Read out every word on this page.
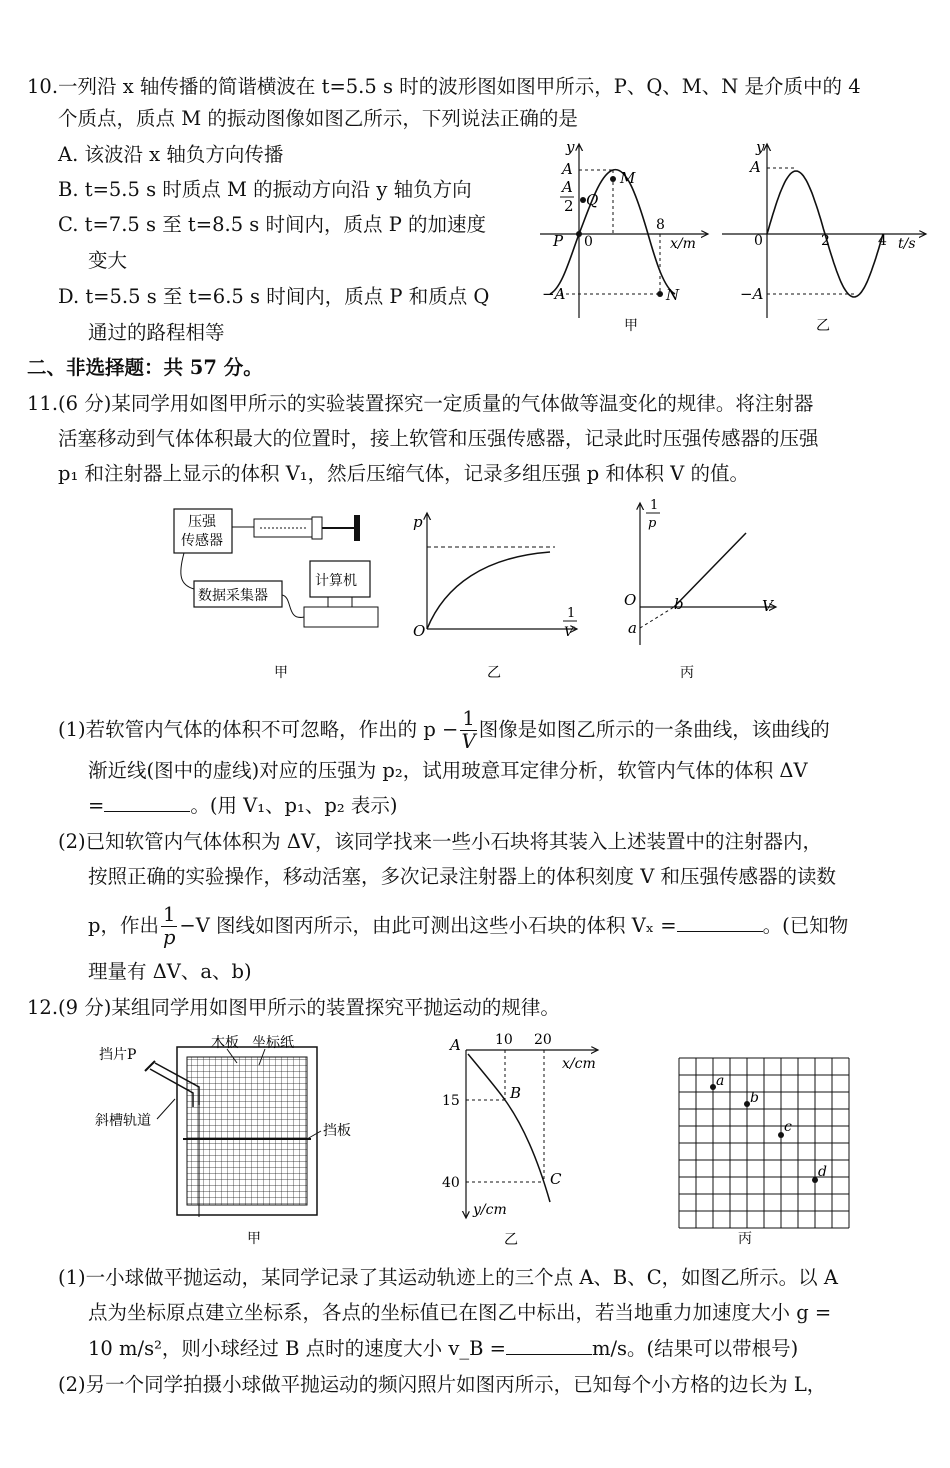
10.一列沿 x 轴传播的简谐横波在 t=5.5 s 时的波形图如图甲所示，P、Q、M、N 是介质中的 4
个质点，质点 M 的振动图像如图乙所示，下列说法正确的是
A. 该波沿 x 轴负方向传播
B. t=5.5 s 时质点 M 的振动方向沿 y 轴负方向
C. t=7.5 s 至 t=8.5 s 时间内，质点 P 的加速度
变大
D. t=5.5 s 至 t=6.5 s 时间内，质点 P 和质点 Q
通过的路程相等
y
A
A
2 Q
M
P 0
8
x/m
−A	N
甲
y
A
0	2	4 t/s
−A
乙
二、非选择题：共 57 分。
11.(6 分)某同学用如图甲所示的实验装置探究一定质量的气体做等温变化的规律。将注射器
活塞移动到气体体积最大的位置时，接上软管和压强传感器，记录此时压强传感器的压强
p₁ 和注射器上显示的体积 V₁，然后压缩气体，记录多组压强 p 和体积 V 的值。
压强
传感器
数据采集器
计算机
甲
p
O
1
V
乙
1
p
O
a
b	V
丙
(1)若软管内气体的体积不可忽略，作出的 $p - \frac{1}{V}$ 图像是如图乙所示的一条曲线，该曲线的
渐近线(图中的虚线)对应的压强为 p₂，试用玻意耳定律分析，软管内气体的体积 ΔV
=	。(用 V₁、p₁、p₂ 表示)
(2)已知软管内气体体积为 ΔV，该同学找来一些小石块将其装入上述装置中的注射器内，
按照正确的实验操作，移动活塞，多次记录注射器上的体积刻度 V 和压强传感器的读数
p，作出 $\frac{1}{p} -V$ 图线如图丙所示，由此可测出这些小石块的体积 Vₓ =	。(已知物
理量有 ΔV、a、b)
12.(9 分)某组同学用如图甲所示的装置探究平抛运动的规律。
挡片P
木板 坐标纸
斜槽轨道
挡板
甲
A 10 20
x/cm
15
40
y/cm
B
C
乙
a
b
c
d
丙
(1)一小球做平抛运动，某同学记录了其运动轨迹上的三个点 A、B、C，如图乙所示。以 A
点为坐标原点建立坐标系，各点的坐标值已在图乙中标出，若当地重力加速度大小 g =
10 m/s²，则小球经过 B 点时的速度大小 v_B =	m/s。(结果可以带根号)
(2)另一个同学拍摄小球做平抛运动的频闪照片如图丙所示，已知每个小方格的边长为 L，
